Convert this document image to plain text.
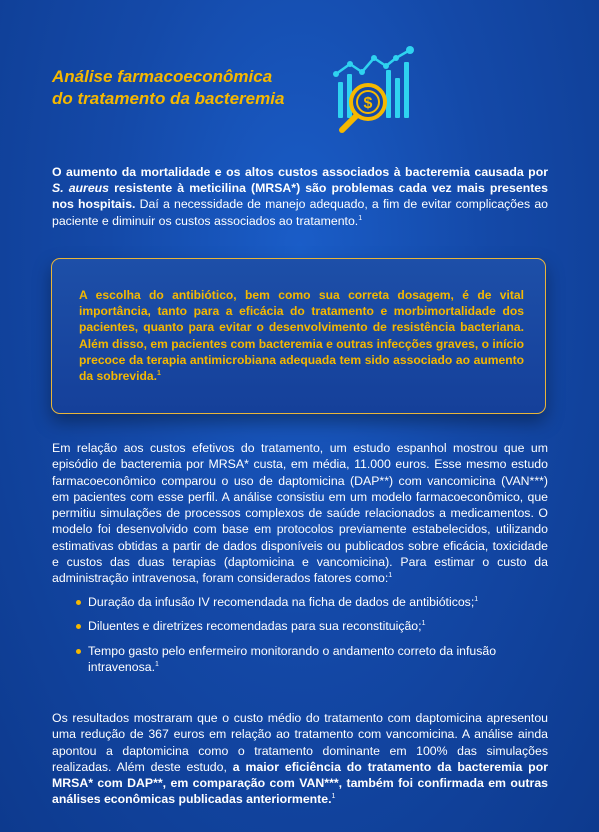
Análise farmacoeconômica
do tratamento da bacteremia	$

O aumento da mortalidade e os altos custos associados à bacteremia causada por S. aureus resistente à meticilina (MRSA*) são problemas cada vez mais presentes nos hospitais. Daí a necessidade de manejo adequado, a fim de evitar complicações ao paciente e diminuir os custos associados ao tratamento.$^1$

A escolha do antibiótico, bem como sua correta dosagem, é de vital importância, tanto para a eficácia do tratamento e morbimortalidade dos pacientes, quanto para evitar o desenvolvimento de resistência bacteriana. Além disso, em pacientes com bacteremia e outras infecções graves, o início precoce da terapia antimicrobiana adequada tem sido associado ao aumento da sobrevida.$^1$

Em relação aos custos efetivos do tratamento, um estudo espanhol mostrou que um episódio de bacteremia por MRSA* custa, em média, 11.000 euros. Esse mesmo estudo farmacoeconômico comparou o uso de daptomicina (DAP**) com vancomicina (VAN***) em pacientes com esse perfil. A análise consistiu em um modelo farmacoeconômico, que permitiu simulações de processos complexos de saúde relacionados a medicamentos. O modelo foi desenvolvido com base em protocolos previamente estabelecidos, utilizando estimativas obtidas a partir de dados disponíveis ou publicados sobre eficácia, toxicidade e custos das duas terapias (daptomicina e vancomicina). Para estimar o custo da administração intravenosa, foram considerados fatores como:$^1$

Duração da infusão IV recomendada na ficha de dados de antibióticos;$^1$
Diluentes e diretrizes recomendadas para sua reconstituição;$^1$
Tempo gasto pelo enfermeiro monitorando o andamento correto da infusão intravenosa.$^1$

Os resultados mostraram que o custo médio do tratamento com daptomicina apresentou uma redução de 367 euros em relação ao tratamento com vancomicina. A análise ainda apontou a daptomicina como o tratamento dominante em 100% das simulações realizadas. Além deste estudo, a maior eficiência do tratamento da bacteremia por MRSA* com DAP**, em comparação com VAN***, também foi confirmada em outras análises econômicas publicadas anteriormente.$^1$
